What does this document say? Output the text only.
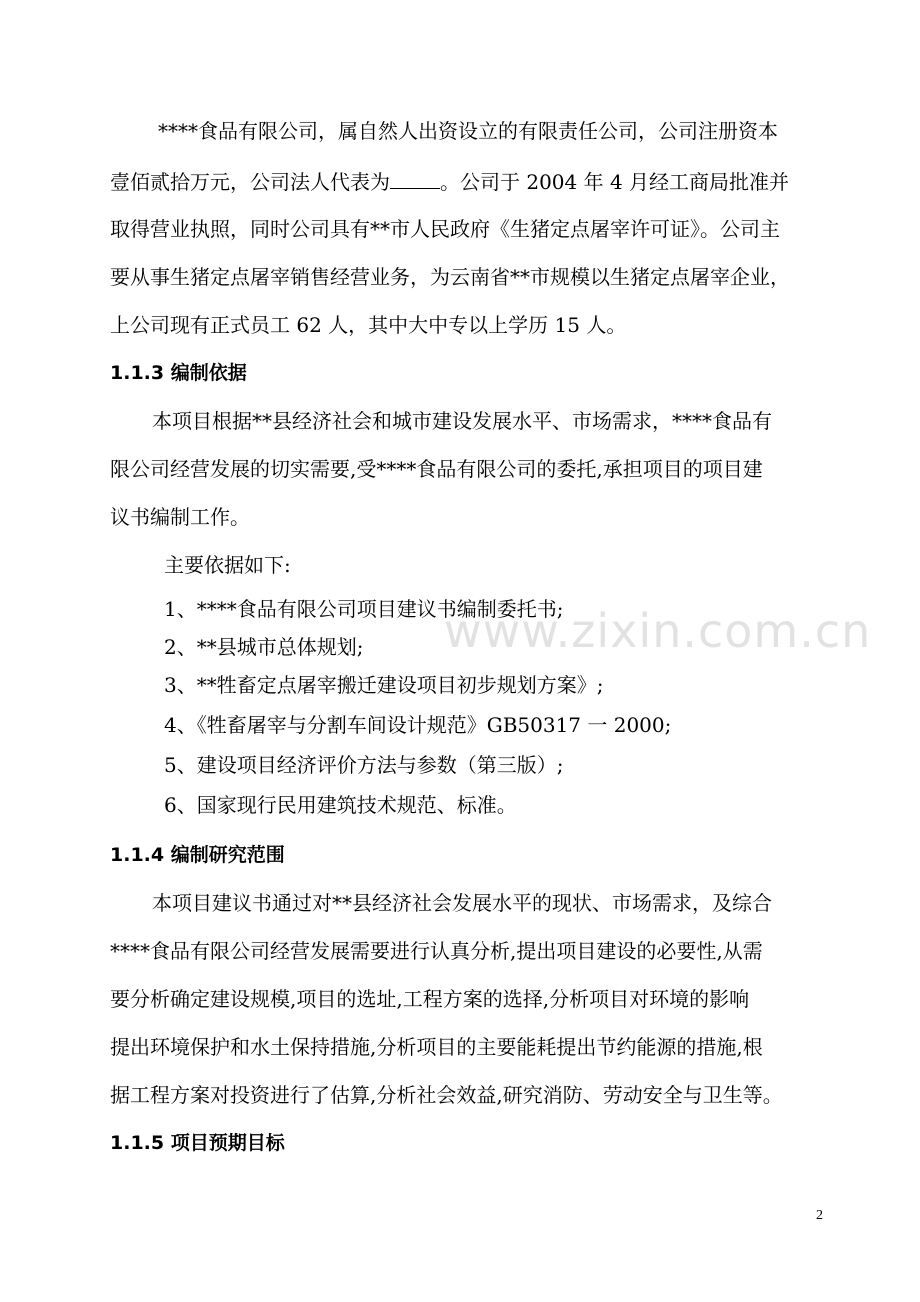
****食品有限公司，属自然人出资设立的有限责任公司，公司注册资本
壹佰贰拾万元，公司法人代表为	。公司于 2004 年 4 月经工商局批准并
取得营业执照，同时公司具有**市人民政府《生猪定点屠宰许可证》。公司主
要从事生猪定点屠宰销售经营业务，为云南省**市规模以生猪定点屠宰企业，
上公司现有正式员工 62 人，其中大中专以上学历 15 人。
1.1.3 编制依据
本项目根据**县经济社会和城市建设发展水平、市场需求，****食品有
限公司经营发展的切实需要,受****食品有限公司的委托,承担项目的项目建
议书编制工作。
主要依据如下:
1、****食品有限公司项目建议书编制委托书;
2、**县城市总体规划;
3、**牲畜定点屠宰搬迁建设项目初步规划方案》;
4、《牲畜屠宰与分割车间设计规范》GB50317 一 2000;
5、建设项目经济评价方法与参数（第三版）;
6、国家现行民用建筑技术规范、标准。
1.1.4 编制研究范围
本项目建议书通过对**县经济社会发展水平的现状、市场需求，及综合
****食品有限公司经营发展需要进行认真分析,提出项目建设的必要性,从需
要分析确定建设规模,项目的选址,工程方案的选择,分析项目对环境的影响
提出环境保护和水土保持措施,分析项目的主要能耗提出节约能源的措施,根
据工程方案对投资进行了估算,分析社会效益,研究消防、劳动安全与卫生等。
1.1.5 项目预期目标
www.zixin.com.cn
2
